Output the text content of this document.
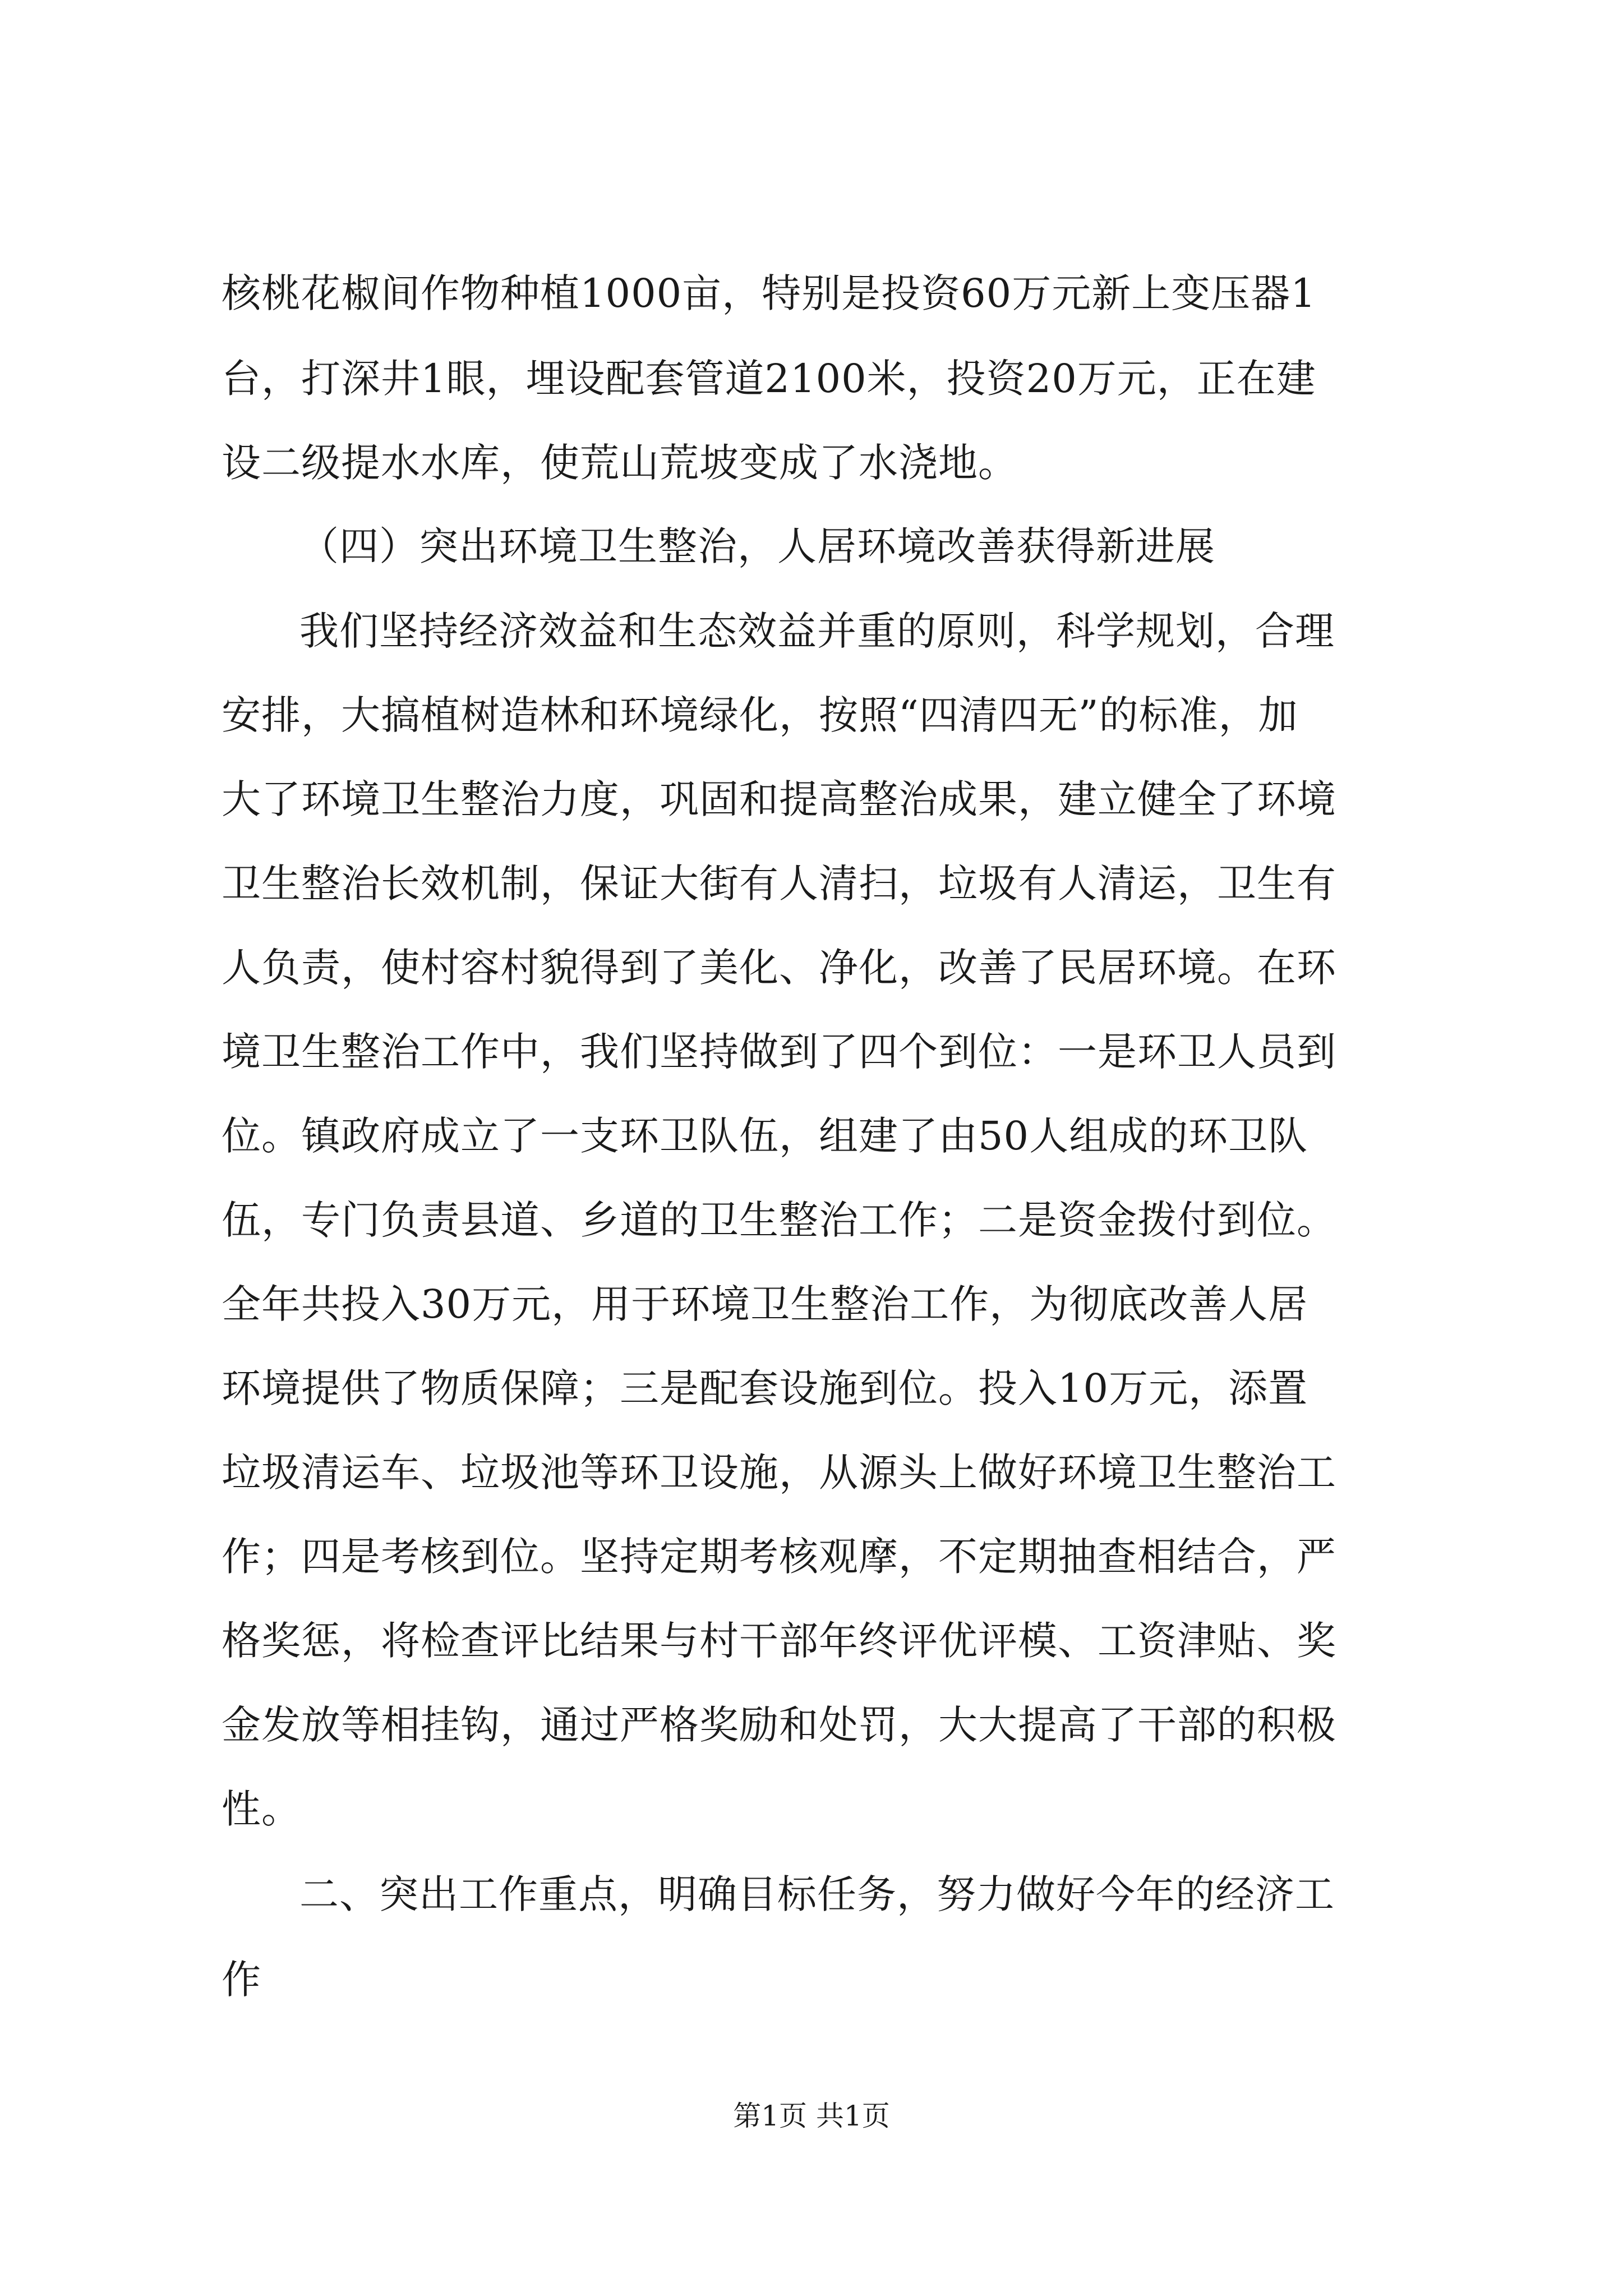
核桃花椒间作物种植1000亩，特别是投资60万元新上变压器1
台，打深井1眼，埋设配套管道2100米，投资20万元，正在建
设二级提水水库，使荒山荒坡变成了水浇地。
（四）突出环境卫生整治，人居环境改善获得新进展
我们坚持经济效益和生态效益并重的原则，科学规划，合理
安排，大搞植树造林和环境绿化，按照“四清四无”的标准，加
大了环境卫生整治力度，巩固和提高整治成果，建立健全了环境
卫生整治长效机制，保证大街有人清扫，垃圾有人清运，卫生有
人负责，使村容村貌得到了美化、净化，改善了民居环境。在环
境卫生整治工作中，我们坚持做到了四个到位：一是环卫人员到
位。镇政府成立了一支环卫队伍，组建了由50人组成的环卫队
伍，专门负责县道、乡道的卫生整治工作；二是资金拨付到位。
全年共投入30万元，用于环境卫生整治工作，为彻底改善人居
环境提供了物质保障；三是配套设施到位。投入10万元，添置
垃圾清运车、垃圾池等环卫设施，从源头上做好环境卫生整治工
作；四是考核到位。坚持定期考核观摩，不定期抽查相结合，严
格奖惩，将检查评比结果与村干部年终评优评模、工资津贴、奖
金发放等相挂钩，通过严格奖励和处罚，大大提高了干部的积极
性。
二、突出工作重点，明确目标任务，努力做好今年的经济工
作
第1页 共1页
